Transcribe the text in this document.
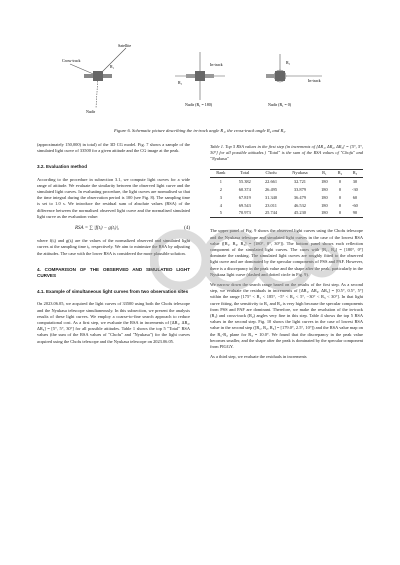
Satellite
Cross-track
Nadir
R₁
R₂
In-track
Nadir (R₁ = 180)
R₃
In-track
Nadir (R₁ = 0)
Figure 6. Schematic picture describing the in-track angle R₁, the cross-track angle R₂ and R₃.

(approximately 150,000) in total) of the 3D CG model. Fig. 7 shows a sample of the simulated light curve of 33500 for a given attitude and the CG image at the peak.

3.2. Evaluation method

According to the procedure in subsection 3.1, we compute light curves for a wide range of attitude. We evaluate the similarity between the observed light curve and the simulated light curves. In evaluating procedure, the light curves are normalised so that the time integral during the observation period is 100 (see Fig. 8). The sampling time is set to 1.0 s. We introduce the residual sum of absolute values (RSA) of the difference between the normalised observed light curve and the normalised simulated light curve as the evaluation value:

RSA = ∑ |f(tᵢ) − g(tᵢ)|,	(4)

where f(tᵢ) and g(tᵢ) are the values of the normalized observed and simulated light curves at the sampling time tᵢ, respectively. We aim to minimize the RSA by adjusting the attitudes. The case with the lower RSA is considered the more plausible solution.

4. COMPARISON OF THE OBSERVED AND SIMULATED LIGHT CURVES
4.1. Example of simultaneous light curves from two observation sites

On 2023.06.05, we acquired the light curves of 33500 using both the Chofu telescope and the Nyukasa telescope simultaneously. In this subsection, we present the analysis results of these light curves. We employ a coarse-to-fine search approach to reduce computational cost. As a first step, we evaluate the RSA in increments of [ΔR₁, ΔR₂, ΔR₃] = [5°, 5°, 30°] for all possible attitudes. Table 1 shows the top 5 "Total" RSA values (the sum of the RSA values of "Chofu" and "Nyukasa") for the light curves acquired using the Chofu telescope and the Nyukasa telescope on 2023.06.05.

Table 1. Top 5 RSA values in the first step (in increments of [ΔR₁, ΔR₂, ΔR₃] = [5°, 5°, 30°] for all possible attitudes.) "Total" is the sum of the RSA values of "Chofu" and "Nyukasa"
Rank	Total	Chofu	Nyukasa	R₁	R₂	R₃
1	55.382	22.661	32.721	180	0	30
2	60.374	26.495	33.879	180	0	-30
3	67.819	31.340	36.479	180	0	60
4	69.543	23.011	46.532	180	0	-60
5	70.973	25.744	45.230	180	0	90

The upper panel of Fig. 9 shows the observed light curves using the Chofu telescope and the Nyukasa telescope and simulated light curves in the case of the lowest RSA value ([R₁, R₂, R₃] = [180°, 0°, 30°]). The bottom panel shows each reflection component of the simulated light curves. The cases with [R₁, R₂] = [180°, 0°] dominate the ranking. The simulated light curves are roughly fitted to the observed light curve and are dominated by the specular components of PSS and PAF. However, there is a discrepancy in the peak value and the shape after the peak, particularly in the Nyukasa light curve (dashed and dotted circle in Fig. 9).

We narrow down the search range based on the results of the first step. As a second step, we evaluate the residuals in increments of [ΔR₁, ΔR₂, ΔR₃] = [0.5°, 0.5°, 5°] within the range [175° < R₁ < 185°, −5° < R₂ < 5°, −30° < R₃ < 30°]. In that light curve fitting, the sensitivity to R₁ and R₂ is very high because the specular components from PSS and PAF are dominant. Therefore, we make the resolution of the in-track (R₁) and cross-track (R₂) angles very fine in this step. Table 4 shows the top 5 RSA values in the second step. Fig. 10 shows the light curves in the case of lowest RSA value in the second step ([R₁, R₂, R₃] = [179.0°, 2.5°, 10°]) and the RSA value map on the R₁-R₂ plane for R₃ = 10.0°. We found that the discrepancy in the peak value becomes smaller, and the shape after the peak is dominated by the specular component from PIGGY.

As a third step, we evaluate the residuals in increments
